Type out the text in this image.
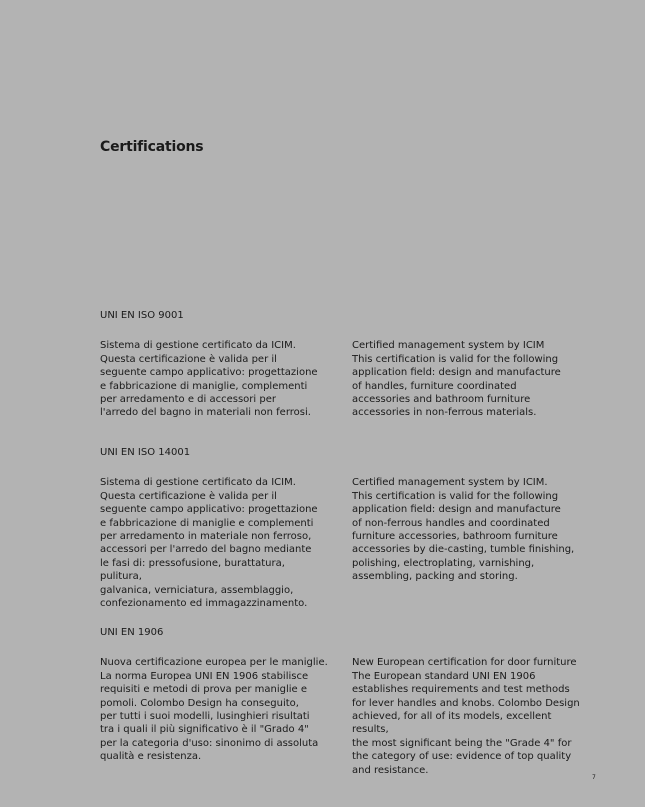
Certifications
UNI EN ISO 9001

Sistema di gestione certificato da ICIM.
Questa certificazione è valida per il
seguente campo applicativo: progettazione
e fabbricazione di maniglie, complementi
per arredamento e di accessori per
l'arredo del bagno in materiali non ferrosi.

Certified management system by ICIM
This certification is valid for the following
application field: design and manufacture
of handles, furniture coordinated
accessories and bathroom furniture
accessories in non-ferrous materials.

UNI EN ISO 14001

Sistema di gestione certificato da ICIM.
Questa certificazione è valida per il
seguente campo applicativo: progettazione
e fabbricazione di maniglie e complementi
per arredamento in materiale non ferroso,
accessori per l'arredo del bagno mediante
le fasi di: pressofusione, burattatura, pulitura,
galvanica, verniciatura, assemblaggio,
confezionamento ed immagazzinamento.

Certified management system by ICIM.
This certification is valid for the following
application field: design and manufacture
of non-ferrous handles and coordinated
furniture accessories, bathroom furniture
accessories by die-casting, tumble finishing,
polishing, electroplating, varnishing,
assembling, packing and storing.

UNI EN 1906

Nuova certificazione europea per le maniglie.
La norma Europea UNI EN 1906 stabilisce
requisiti e metodi di prova per maniglie e
pomoli. Colombo Design ha conseguito,
per tutti i suoi modelli, lusinghieri risultati
tra i quali il più significativo è il "Grado 4"
per la categoria d'uso: sinonimo di assoluta
qualità e resistenza.

New European certification for door furniture
The European standard UNI EN 1906
establishes requirements and test methods
for lever handles and knobs. Colombo Design
achieved, for all of its models, excellent results,
the most significant being the "Grade 4" for
the category of use: evidence of top quality
and resistance.

7
